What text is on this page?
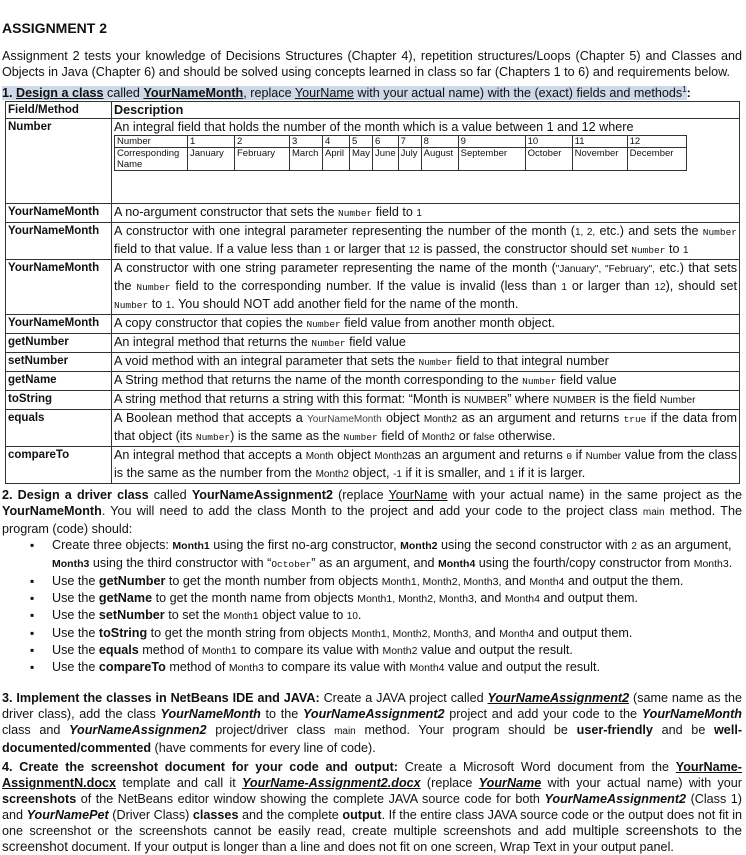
ASSIGNMENT 2
Assignment 2 tests your knowledge of Decisions Structures (Chapter 4), repetition structures/Loops (Chapter 5) and Classes and Objects in Java (Chapter 6) and should be solved using concepts learned in class so far (Chapters 1 to 6) and requirements below.
1. Design a class called YourNameMonth, replace YourName with your actual name) with the (exact) fields and methods$^1$:
Field/Method	Description
Number	An integral field that holds the number of the month which is a value between 1 and 12 where
Number	1	2	3	4	5	6	7	8	9	10	11	12
Corresponding Name	January	February	March	April	May	June	July	August	September	October	November	December

YourNameMonth	A no-argument constructor that sets the Number field to 1
YourNameMonth	A constructor with one integral parameter representing the number of the month (1, 2, etc.) and sets the Number field to that value. If a value less than 1 or larger that 12 is passed, the constructor should set Number to 1
YourNameMonth	A constructor with one string parameter representing the name of the month ("January", "February", etc.) that sets the Number field to the corresponding number. If the value is invalid (less than 1 or larger than 12), should set Number to 1. You should NOT add another field for the name of the month.
YourNameMonth	A copy constructor that copies the Number field value from another month object.
getNumber	An integral method that returns the Number field value
setNumber	A void method with an integral parameter that sets the Number field to that integral number
getName	A String method that returns the name of the month corresponding to the Number field value
toString	A string method that returns a string with this format: “Month is NUMBER” where NUMBER is the field Number
equals	A Boolean method that accepts a YourNameMonth object Month2 as an argument and returns true if the data from that object (its Number) is the same as the Number field of Month2 or false otherwise.
compareTo	An integral method that accepts a Month object Month2as an argument and returns 0 if Number value from the class is the same as the number from the Month2 object, -1 if it is smaller, and 1 if it is larger.
2. Design a driver class called YourNameAssignment2 (replace YourName with your actual name) in the same project as the YourNameMonth. You will need to add the class Month to the project and add your code to the project class main method. The program (code) should:
▪ Create three objects: Month1 using the first no-arg constructor, Month2 using the second constructor with 2 as an argument, Month3 using the third constructor with “October” as an argument, and Month4 using the fourth/copy constructor from Month3.
▪ Use the getNumber to get the month number from objects Month1, Month2, Month3, and Month4 and output the them.
▪ Use the getName to get the month name from objects Month1, Month2, Month3, and Month4 and output them.
▪ Use the setNumber to set the Month1 object value to 10.
▪ Use the toString to get the month string from objects Month1, Month2, Month3, and Month4 and output them.
▪ Use the equals method of Month1 to compare its value with Month2 value and output the result.
▪ Use the compareTo method of Month3 to compare its value with Month4 value and output the result.
3. Implement the classes in NetBeans IDE and JAVA: Create a JAVA project called YourNameAssignment2 (same name as the driver class), add the class YourNameMonth to the YourNameAssignment2 project and add your code to the YourNameMonth class and YourNameAssignmen2 project/driver class main method. Your program should be user-friendly and be well-documented/commented (have comments for every line of code).
4. Create the screenshot document for your code and output: Create a Microsoft Word document from the YourName-AssignmentN.docx template and call it YourName-Assignment2.docx (replace YourName with your actual name) with your screenshots of the NetBeans editor window showing the complete JAVA source code for both YourNameAssignment2 (Class 1) and YourNamePet (Driver Class) classes and the complete output. If the entire class JAVA source code or the output does not fit in one screenshot or the screenshots cannot be easily read, create multiple screenshots and add multiple screenshots to the screenshot document. If your output is longer than a line and does not fit on one screen, Wrap Text in your output panel.
